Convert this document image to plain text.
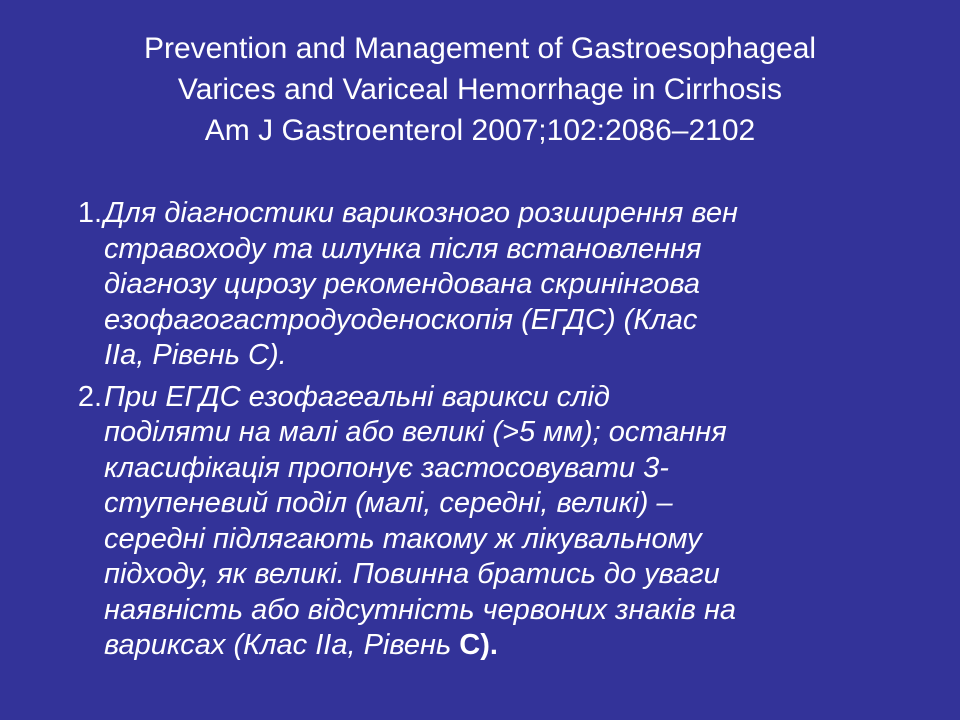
Prevention and Management of Gastroesophageal
Varices and Variceal Hemorrhage in Cirrhosis
Am J Gastroenterol 2007;102:2086–2102
1. Для діагностики варикозного розширення вен
стравоходу та шлунка після встановлення
діагнозу цирозу рекомендована скринінгова
езофагогастродуоденоскопія (ЕГДС) (Клас
IIa, Рівень С).
2. При ЕГДС езофагеальні варикси слід
поділяти на малі або великі (>5 мм); остання
класифікація пропонує застосовувати 3-
ступеневий поділ (малі, середні, великі) –
середні підлягають такому ж лікувальному
підходу, як великі. Повинна братись до уваги
наявність або відсутність червоних знаків на
вариксах (Клас IIa, Рівень С).
